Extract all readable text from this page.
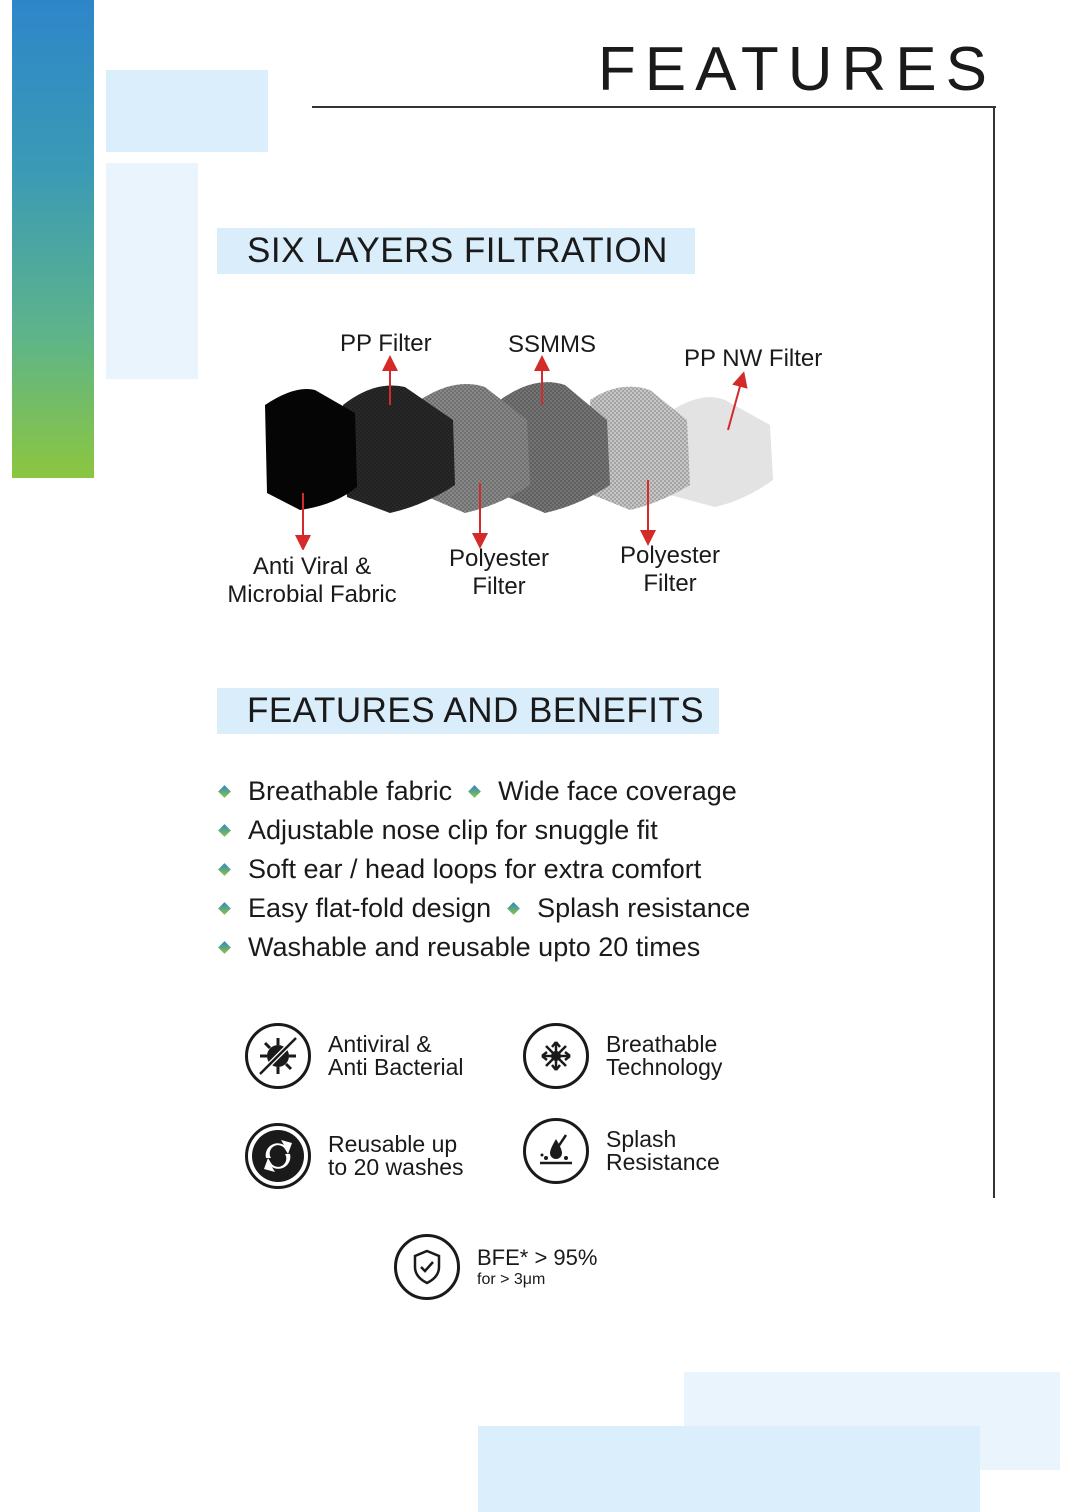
FEATURES
SIX LAYERS FILTRATION
PP Filter	SSMMS
PP NW Filter
Anti Viral &
Microbial Fabric
Polyester
Filter
Polyester
Filter
FEATURES AND BENEFITS
Breathable fabric Wide face coverage
Adjustable nose clip for snuggle fit
Soft ear / head loops for extra comfort
Easy flat-fold design Splash resistance
Washable and reusable upto 20 times
Antiviral &
Anti Bacterial
Breathable
Technology
Reusable up
to 20 washes
Splash
Resistance
BFE* > 95%
for > 3μm
